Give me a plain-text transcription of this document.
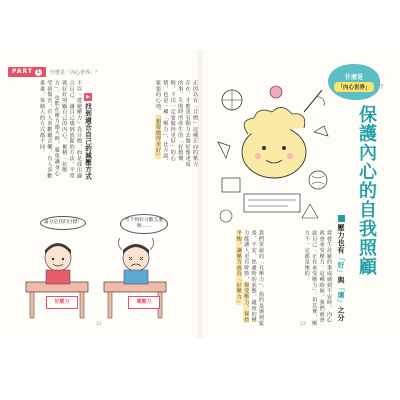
PART 1	什麼是「內心世界」？
正因為有「目標」這種正向的壓力存在，才能更有動力去做好想達成的事。失敗時所產生的「好想懊悔、下次一定要做得更好」的心情，也是一種「壓力」，比方說，緊張的心情、「想要做得更好」
▶找到適合自己的減壓方式
不以「逃避壓力」為目標，而是找出適合自己、讓自己感到放鬆的方法，平常就好好照顧自己的內心，累積「抗壓力」。也能在壓力過大時，避免讓身心受到傷害。有人喜歡聽音樂，有人喜歡畫畫，每個人的方式都不同。
滿分是我的目標！	考不到好分數怎麼辦……
好壓力	壞壓力
22
什麼是
「內心世界」	？
保護內心的自我照顧
壓力也有「好」與「壞」之分
當發生討厭的事或感到不安時，內心就會承受壓力。這種時候，我們就會說自己「正在承受壓力」。但其實，壓力不一定都是壞的。
我們常說的「有壓力」，指的是感到緊張、不安、焦慮時的狀態。適度的壓力能讓人更有幹勁，接受壓力、保持平衡，讓壓力成為「好壓力」
23
